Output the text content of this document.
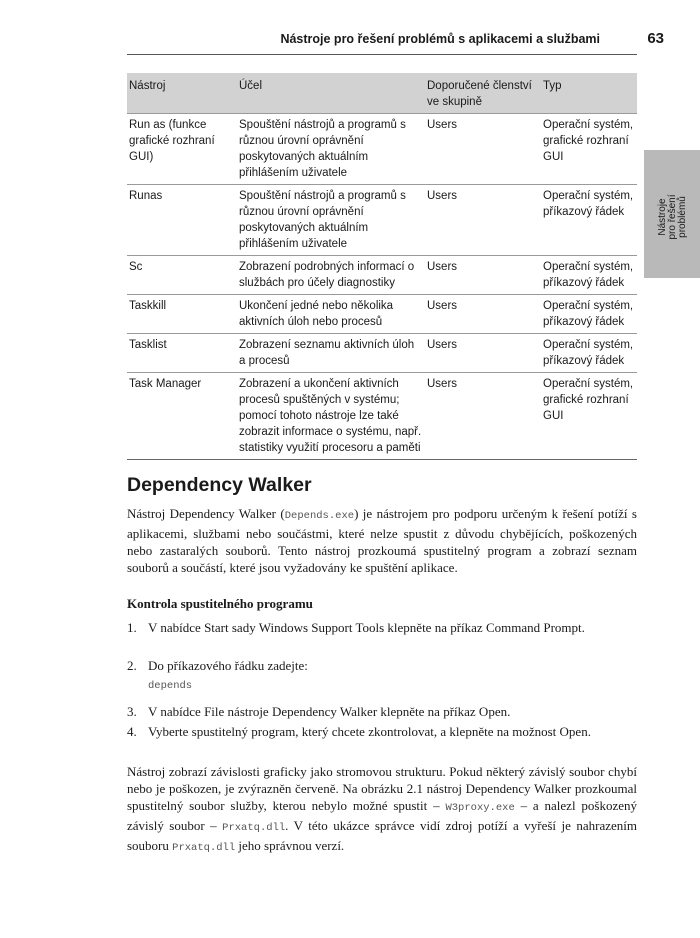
Nástroje pro řešení problémů s aplikacemi a službami	63
Nástroje pro řešení problémů
Nástroj	Účel	Doporučené členství ve skupině	Typ
Run as (funkce grafické rozhraní GUI)	Spouštění nástrojů a programů s různou úrovní oprávnění poskytovaných aktuálním přihlášením uživatele	Users	Operační systém, grafické rozhraní GUI
Runas	Spouštění nástrojů a programů s různou úrovní oprávnění poskytovaných aktuálním přihlášením uživatele	Users	Operační systém, příkazový řádek
Sc	Zobrazení podrobných informací o službách pro účely diagnostiky	Users	Operační systém, příkazový řádek
Taskkill	Ukončení jedné nebo několika aktivních úloh nebo procesů	Users	Operační systém, příkazový řádek
Tasklist	Zobrazení seznamu aktivních úloh a procesů	Users	Operační systém, příkazový řádek
Task Manager	Zobrazení a ukončení aktivních procesů spuštěných v systému; pomocí tohoto nástroje lze také zobrazit informace o systému, např. statistiky využití procesoru a paměti	Users	Operační systém, grafické rozhraní GUI
Dependency Walker

Nástroj Dependency Walker (Depends.exe) je nástrojem pro podporu určeným k řešení potíží s aplikacemi, službami nebo součástmi, které nelze spustit z důvodu chybějících, poškozených nebo zastaralých souborů. Tento nástroj prozkoumá spustitelný program a zobrazí seznam souborů a součástí, které jsou vyžadovány ke spuštění aplikace.

Kontrola spustitelného programu
1. V nabídce Start sady Windows Support Tools klepněte na příkaz Command Prompt.
2. Do příkazového řádku zadejte:
depends
3. V nabídce File nástroje Dependency Walker klepněte na příkaz Open.
4. Vyberte spustitelný program, který chcete zkontrolovat, a klepněte na možnost Open.

Nástroj zobrazí závislosti graficky jako stromovou strukturu. Pokud některý závislý soubor chybí nebo je poškozen, je zvýrazněn červeně. Na obrázku 2.1 nástroj Dependency Walker prozkoumal spustitelný soubor služby, kterou nebylo možné spustit – W3proxy.exe – a nalezl poškozený závislý soubor – Prxatq.dll. V této ukázce správce vidí zdroj potíží a vyřeší je nahrazením souboru Prxatq.dll jeho správnou verzí.
